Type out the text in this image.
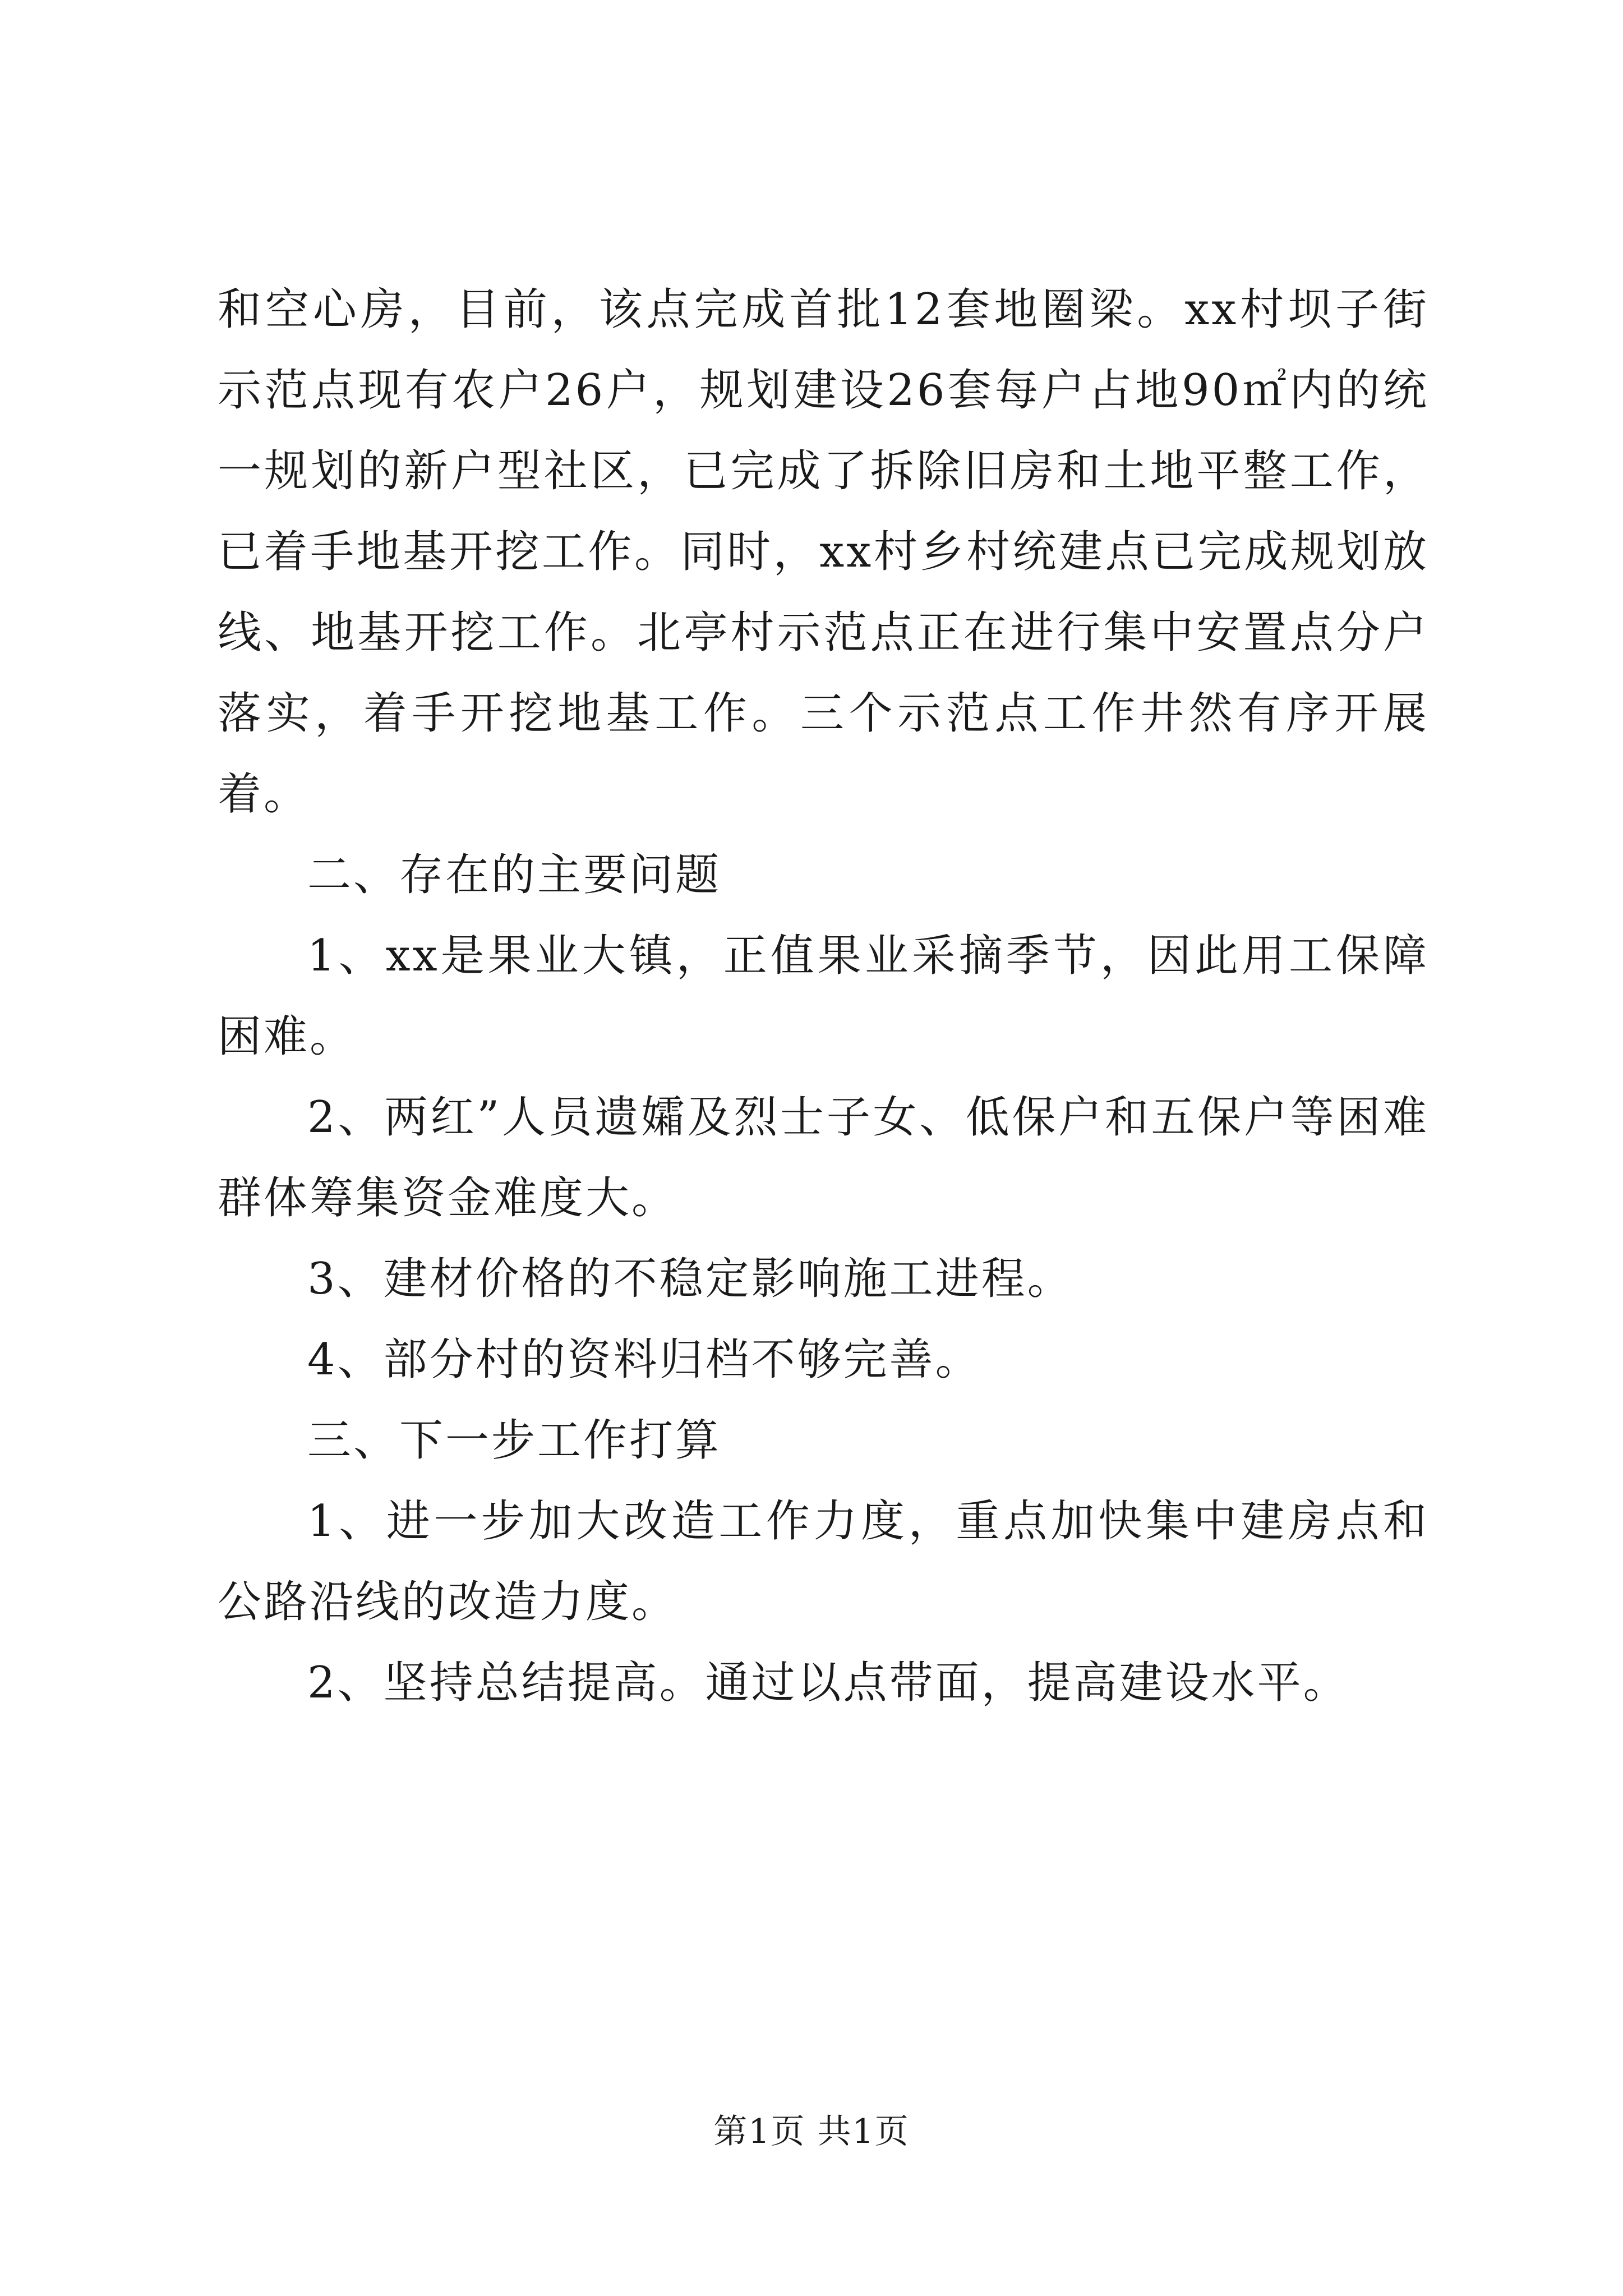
和空心房，目前，该点完成首批12套地圈梁。xx村坝子街示范点现有农户26户，规划建设26套每户占地90㎡内的统一规划的新户型社区，已完成了拆除旧房和土地平整工作，已着手地基开挖工作。同时，xx村乡村统建点已完成规划放线、地基开挖工作。北亭村示范点正在进行集中安置点分户落实，着手开挖地基工作。三个示范点工作井然有序开展着。

二、存在的主要问题

1、xx是果业大镇，正值果业采摘季节，因此用工保障困难。

2、两红”人员遗孀及烈士子女、低保户和五保户等困难群体筹集资金难度大。

3、建材价格的不稳定影响施工进程。

4、部分村的资料归档不够完善。

三、下一步工作打算

1、进一步加大改造工作力度，重点加快集中建房点和公路沿线的改造力度。

2、坚持总结提高。通过以点带面，提高建设水平。

第1页 共1页
